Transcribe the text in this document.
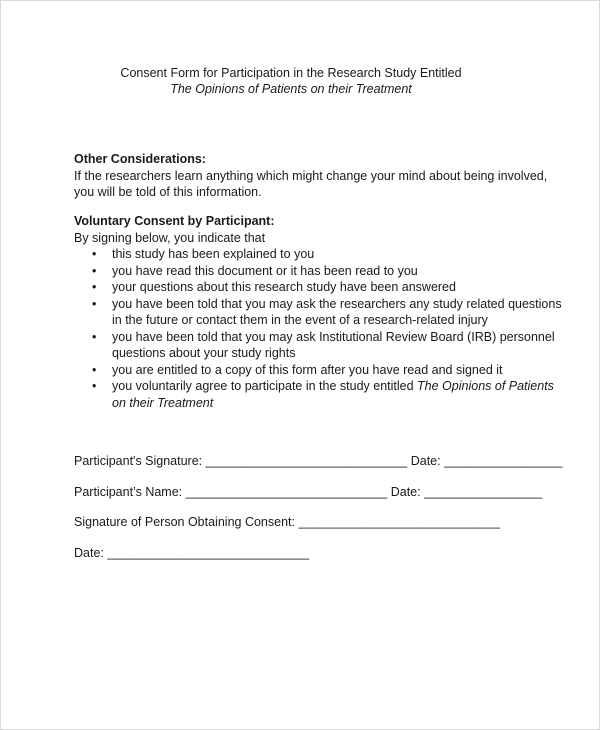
Consent Form for Participation in the Research Study Entitled
The Opinions of Patients on their Treatment
Other Considerations:
If the researchers learn anything which might change your mind about being involved,
you will be told of this information.
Voluntary Consent by Participant:
By signing below, you indicate that
• this study has been explained to you
• you have read this document or it has been read to you
• your questions about this research study have been answered
• you have been told that you may ask the researchers any study related questions
in the future or contact them in the event of a research-related injury
• you have been told that you may ask Institutional Review Board (IRB) personnel
questions about your study rights
• you are entitled to a copy of this form after you have read and signed it
• you voluntarily agree to participate in the study entitled The Opinions of Patients
on their Treatment
Participant's Signature: _____________________________ Date: _________________
Participant’s Name: _____________________________ Date: _________________
Signature of Person Obtaining Consent: _____________________________
Date: _____________________________
